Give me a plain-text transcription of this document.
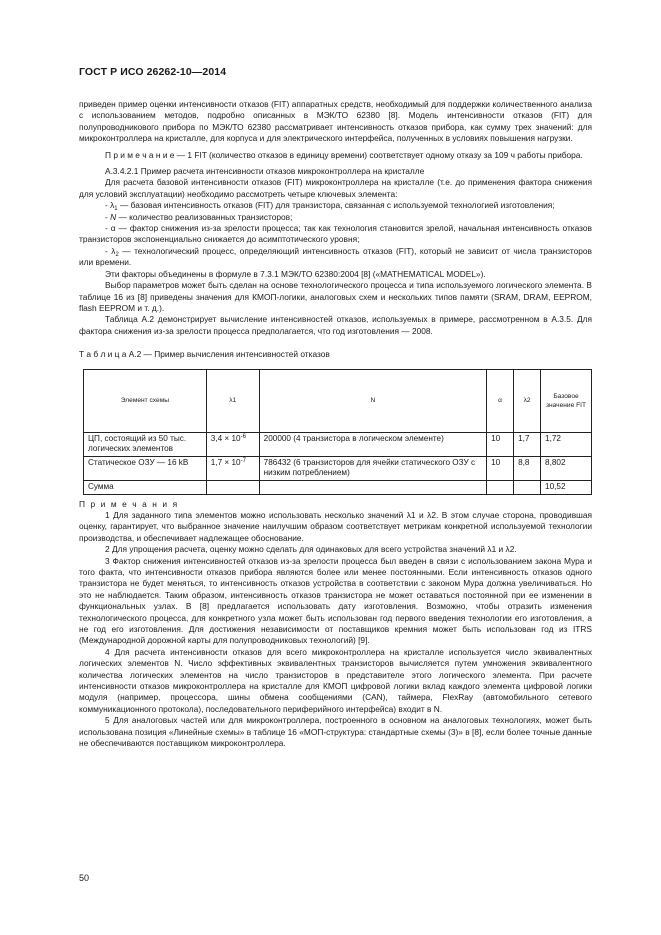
ГОСТ Р ИСО 26262-10—2014

приведен пример оценки интенсивности отказов (FIT) аппаратных средств, необходимый для поддержки количественного анализа с использованием методов, подробно описанных в МЭК/ТО 62380 [8]. Модель интенсивности отказов (FIT) для полупроводникового прибора по МЭК/ТО 62380 рассматривает интенсивность отказов прибора, как сумму трех значений: для микроконтроллера на кристалле, для корпуса и для электрического интерфейса, полученных в условиях повышения нагрузки.

П р и м е ч а н и е — 1 FIT (количество отказов в единицу времени) соответствует одному отказу за 109 ч работы прибора.

А.3.4.2.1 Пример расчета интенсивности отказов микроконтроллера на кристалле

Для расчета базовой интенсивности отказов (FIT) микроконтроллера на кристалле (т.е. до применения фактора снижения для условий эксплуатации) необходимо рассмотреть четыре ключевых элемента:

- $\lambda_1$ — базовая интенсивность отказов (FIT) для транзистора, связанная с используемой технологией изготовления;

- N — количество реализованных транзисторов;

- α — фактор снижения из-за зрелости процесса; так как технология становится зрелой, начальная интенсивность отказов транзисторов экспоненциально снижается до асимптотического уровня;

- $\lambda_2$ — технологический процесс, определяющий интенсивность отказов (FIT), который не зависит от числа транзисторов или времени.

Эти факторы объединены в формуле в 7.3.1 МЭК/ТО 62380:2004 [8] («MATHEMATICAL MODEL»).

Выбор параметров может быть сделан на основе технологического процесса и типа используемого логического элемента. В таблице 16 из [8] приведены значения для КМОП-логики, аналоговых схем и нескольких типов памяти (SRAM, DRAM, EEPROM, flash EEPROM и т. д.).

Таблица А.2 демонстрирует вычисление интенсивностей отказов, используемых в примере, рассмотренном в А.3.5. Для фактора снижения из-за зрелости процесса предполагается, что год изготовления — 2008.

Т а б л и ц а А.2 — Пример вычисления интенсивностей отказов

Элемент схемы	λ1	N	α	λ2	Базовое значение FIT
ЦП, состоящий из 50 тыс. логических элементов	$3,4 \times 10^{-6}$	200000 (4 транзистора в логическом элементе)	10	1,7	1,72
Статическое ОЗУ — 16 kB	$1,7 \times 10^{-7}$	786432 (6 транзисторов для ячейки статического ОЗУ с низким потреблением)	10	8,8	8,802
Сумма					10,52

П р и м е ч а н и я

1 Для заданного типа элементов можно использовать несколько значений λ1 и λ2. В этом случае сторона, проводившая оценку, гарантирует, что выбранное значение наилучшим образом соответствует метрикам конкретной используемой технологии производства, и обеспечивает надлежащее обоснование.

2 Для упрощения расчета, оценку можно сделать для одинаковых для всего устройства значений λ1 и λ2.

3 Фактор снижения интенсивностей отказов из-за зрелости процесса был введен в связи с использованием закона Мура и того факта, что интенсивности отказов прибора являются более или менее постоянными. Если интенсивность отказов одного транзистора не будет меняться, то интенсивность отказов устройства в соответствии с законом Мура должна увеличиваться. Но это не наблюдается. Таким образом, интенсивность отказов транзистора не может оставаться постоянной при ее изменении в функциональных узлах. В [8] предлагается использовать дату изготовления. Возможно, чтобы отразить изменения технологического процесса, для конкретного узла может быть использован год первого введения технологии его изготовления, а не год его изготовления. Для достижения независимости от поставщиков кремния может быть использован год из ITRS (Международной дорожной карты для полупроводниковых технологий) [9].

4 Для расчета интенсивности отказов для всего микроконтроллера на кристалле используется число эквивалентных логических элементов N. Число эффективных эквивалентных транзисторов вычисляется путем умножения эквивалентного количества логических элементов на число транзисторов в представителе этого логического элемента. При расчете интенсивности отказов микроконтроллера на кристалле для КМОП цифровой логики вклад каждого элемента цифровой логики модуля (например, процессора, шины обмена сообщениями (CAN), таймера, FlexRay (автомобильного сетевого коммуникационного протокола), последовательного периферийного интерфейса) входит в N.

5 Для аналоговых частей или для микроконтроллера, построенного в основном на аналоговых технологиях, может быть использована позиция «Линейные схемы» в таблице 16 «МОП-структура: стандартные схемы (3)» в [8], если более точные данные не обеспечиваются поставщиком микроконтроллера.

50
